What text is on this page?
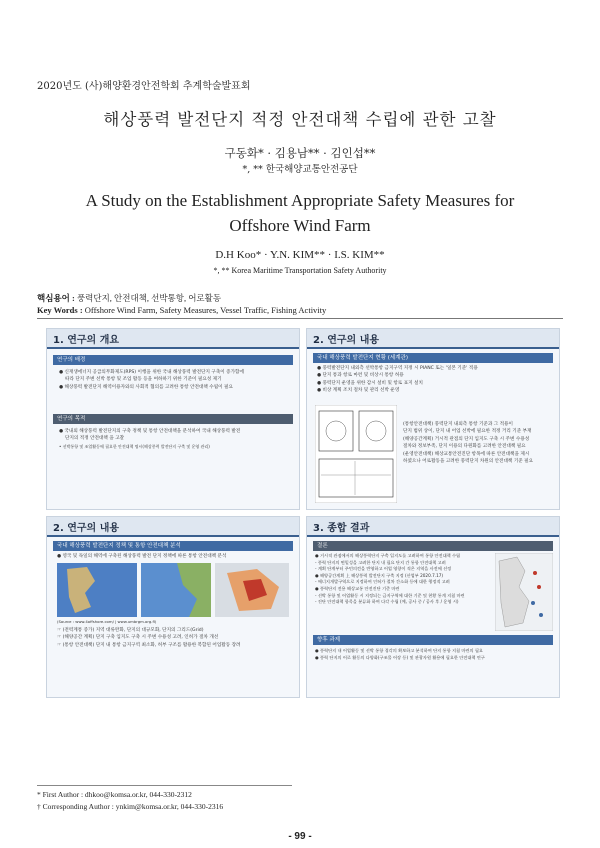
2020년도 (사)해양환경안전학회 추계학술발표회
해상풍력 발전단지 적정 안전대책 수립에 관한 고찰
구동화* · 김용남** · 김인섭**
*, ** 한국해양교통안전공단
A Study on the Establishment Appropriate Safety Measures for
Offshore Wind Farm
D.H Koo* · Y.N. KIM** · I.S. KIM**
*, ** Korea Maritime Transportation Safety Authority
핵심용어 : 풍력단지, 안전대책, 선박통항, 어로활동
Key Words : Offshore Wind Farm, Safety Measures, Vessel Traffic, Fishing Activity
1. 연구의 개요
연구의 배경
● 신재생에너지 공급의무화제도(RPS) 이행을 위한 국내 해상풍력 발전단지 구축이 증가함에
따라 단지 주변 선박 통항 및 조업 활동 등을 여하하기 위한 기준이 필요성 제기
● 해상풍력 발전단지 해역이용자와의 사회적 협의를 고려한 통항 안전대책 수립이 필요
연구의 목적
● 국내외 해상풍력 발전단지의 구축 정책 및 통항 안전대책을 분석하여 국내 해상풍력 발전
단지의 적정 안전대책 을 고찰
• 선박통항 및 조업활동에 필요한 안전대책 명시(해상풍력 발전단지 구축 및 운영 관리)
2. 연구의 내용
국내 해상풍력 발전단지 현황 (세계관)
● 풍력발전단지 내외측 선박통항 금지구역 지정 시 PIANC 또는 '일본 기준' 적용
● 단지 통과 항로 마련 및 비상시 통항 허용
● 풍력단지 운영을 위한 감시 설비 및 항로 표지 설치
● 비상 계획 조치 절차 및 관리 선박 운영
(통항안전대책) 풍력단지 내외측 통항 기준과 그 적용이
단지 범위 상이, 단지 내 어업 선박에 필요한 적정 거리 기준 부재
(해양공간계획) 거시적 관점의 단지 입지도 구축 시 주변 수용성
절차와 정보부족, 단지 이용의 다원화를 고려한 안전대책 필요
(운영안전대책) 해상교통안전진단 항목에 따른 안전대책을 제시
하였으나 어로활동을 고려한 풍력단지 차원의 안전대책 기준 필요
2. 연구의 내용
국내 해상풍력 발전단지 정책 및 통항 안전대책 분석
● 영국 및 독일의 해역에 구축된 해상풍력 발전 단지 정책에 따른 통항 안전대책 분석
(Source : www.4offshore.com/ | www.umbrgm.org.fl)
☞ (전력계통 증가) 지역 대류완화, 단지의 대규모화, 단지의 그리드(Grid)
☞ (해양공간 계획) 단지 구축 입지도 구축 시 주변 수용성 고려, 인허가 절차 개선
☞ (통항 안전대책) 단지 내 통항 금지구역 최소화, 허부 구조를 활용한 복합된 어업활동 장려
3. 종합 결과
결론
● 거시적 관점에서의 해상풍력단지 구축 입지도를 고려하여 통항 안전대책 수립
- 풍력 단지의 면밀성을 고려한 단지 내 필요 단지 간 통항 안전대책 고려
- 계획 단계부터 주민의견을 반영하고 어업 영향이 적은 지역을 사전에 선정
● 해양공간계획 上 해상풍력 발전단지 구축 지정 (산업부 2020.7.17)
- 에너지개발구역으로 지정하여 인허가 절차 간소화 등에 대한 행정적 고려
● 풍력단지 전용 해상교통 안전진단 기준 마련
- 선박 통항 및 어업활동 시 지정되는 금지구역에 대한 기준 및 현황 통계 지침 마련
- 진단 안전대책 항목을 분류화 하여 다각 수립 (예, 공사 중 / 공사 후 / 운영 시)
향후 과제
● 풍력단지 내 어업활동 및 선박 통항 경각의 확보하고 분석하여 단지 통항 지침 마련의 필요
● 풍력 단지의 어로 활동의 다양화(구조물 어장 등) 및 관광자원 활용에 필요한 안전대책 연구
* First Author : dhkoo@komsa.or.kr, 044-330-2312
† Corresponding Author : ynkim@komsa.or.kr, 044-330-2316
- 99 -
